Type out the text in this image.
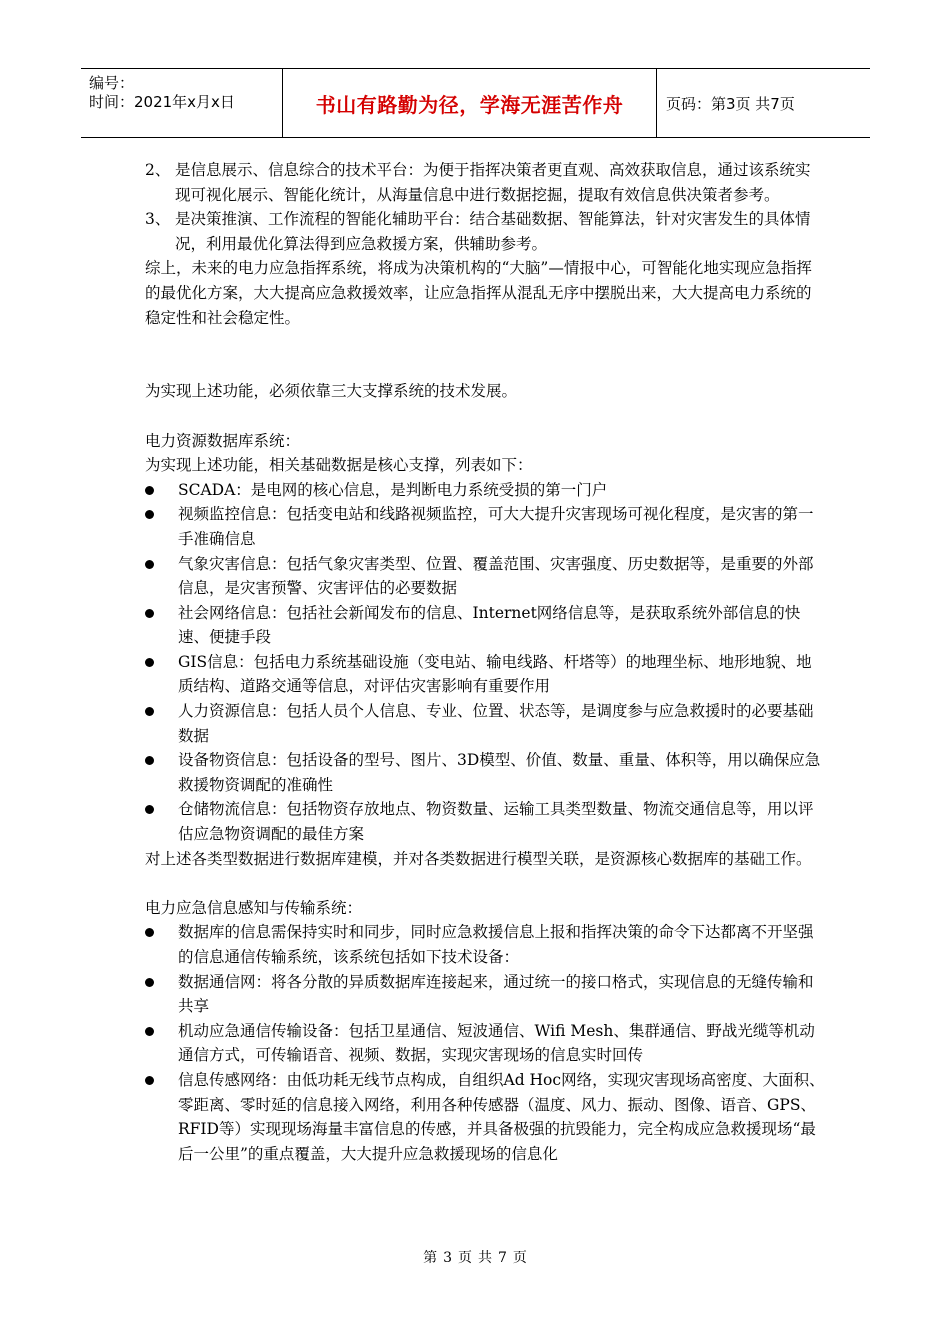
编号：
时间：2021年x月x日	书山有路勤为径，学海无涯苦作舟	页码：第3页 共7页

2、 是信息展示、信息综合的技术平台：为便于指挥决策者更直观、高效获取信息，通过该系统实现可视化展示、智能化统计，从海量信息中进行数据挖掘，提取有效信息供决策者参考。

3、 是决策推演、工作流程的智能化辅助平台：结合基础数据、智能算法，针对灾害发生的具体情况，利用最优化算法得到应急救援方案，供辅助参考。

综上，未来的电力应急指挥系统，将成为决策机构的“大脑”—情报中心，可智能化地实现应急指挥的最优化方案，大大提高应急救援效率，让应急指挥从混乱无序中摆脱出来，大大提高电力系统的稳定性和社会稳定性。

为实现上述功能，必须依靠三大支撑系统的技术发展。

电力资源数据库系统：

为实现上述功能，相关基础数据是核心支撑，列表如下：

SCADA：是电网的核心信息，是判断电力系统受损的第一门户

视频监控信息：包括变电站和线路视频监控，可大大提升灾害现场可视化程度，是灾害的第一手准确信息

气象灾害信息：包括气象灾害类型、位置、覆盖范围、灾害强度、历史数据等，是重要的外部信息，是灾害预警、灾害评估的必要数据

社会网络信息：包括社会新闻发布的信息、Internet网络信息等，是获取系统外部信息的快速、便捷手段

GIS信息：包括电力系统基础设施（变电站、输电线路、杆塔等）的地理坐标、地形地貌、地质结构、道路交通等信息，对评估灾害影响有重要作用

人力资源信息：包括人员个人信息、专业、位置、状态等，是调度参与应急救援时的必要基础数据

设备物资信息：包括设备的型号、图片、3D模型、价值、数量、重量、体积等，用以确保应急救援物资调配的准确性

仓储物流信息：包括物资存放地点、物资数量、运输工具类型数量、物流交通信息等，用以评估应急物资调配的最佳方案

对上述各类型数据进行数据库建模，并对各类数据进行模型关联，是资源核心数据库的基础工作。

电力应急信息感知与传输系统：

数据库的信息需保持实时和同步，同时应急救援信息上报和指挥决策的命令下达都离不开坚强的信息通信传输系统，该系统包括如下技术设备：

数据通信网：将各分散的异质数据库连接起来，通过统一的接口格式，实现信息的无缝传输和共享

机动应急通信传输设备：包括卫星通信、短波通信、Wifi Mesh、集群通信、野战光缆等机动通信方式，可传输语音、视频、数据，实现灾害现场的信息实时回传

信息传感网络：由低功耗无线节点构成，自组织Ad Hoc网络，实现灾害现场高密度、大面积、零距离、零时延的信息接入网络，利用各种传感器（温度、风力、振动、图像、语音、GPS、RFID等）实现现场海量丰富信息的传感，并具备极强的抗毁能力，完全构成应急救援现场“最后一公里”的重点覆盖，大大提升应急救援现场的信息化

第 3 页 共 7 页
